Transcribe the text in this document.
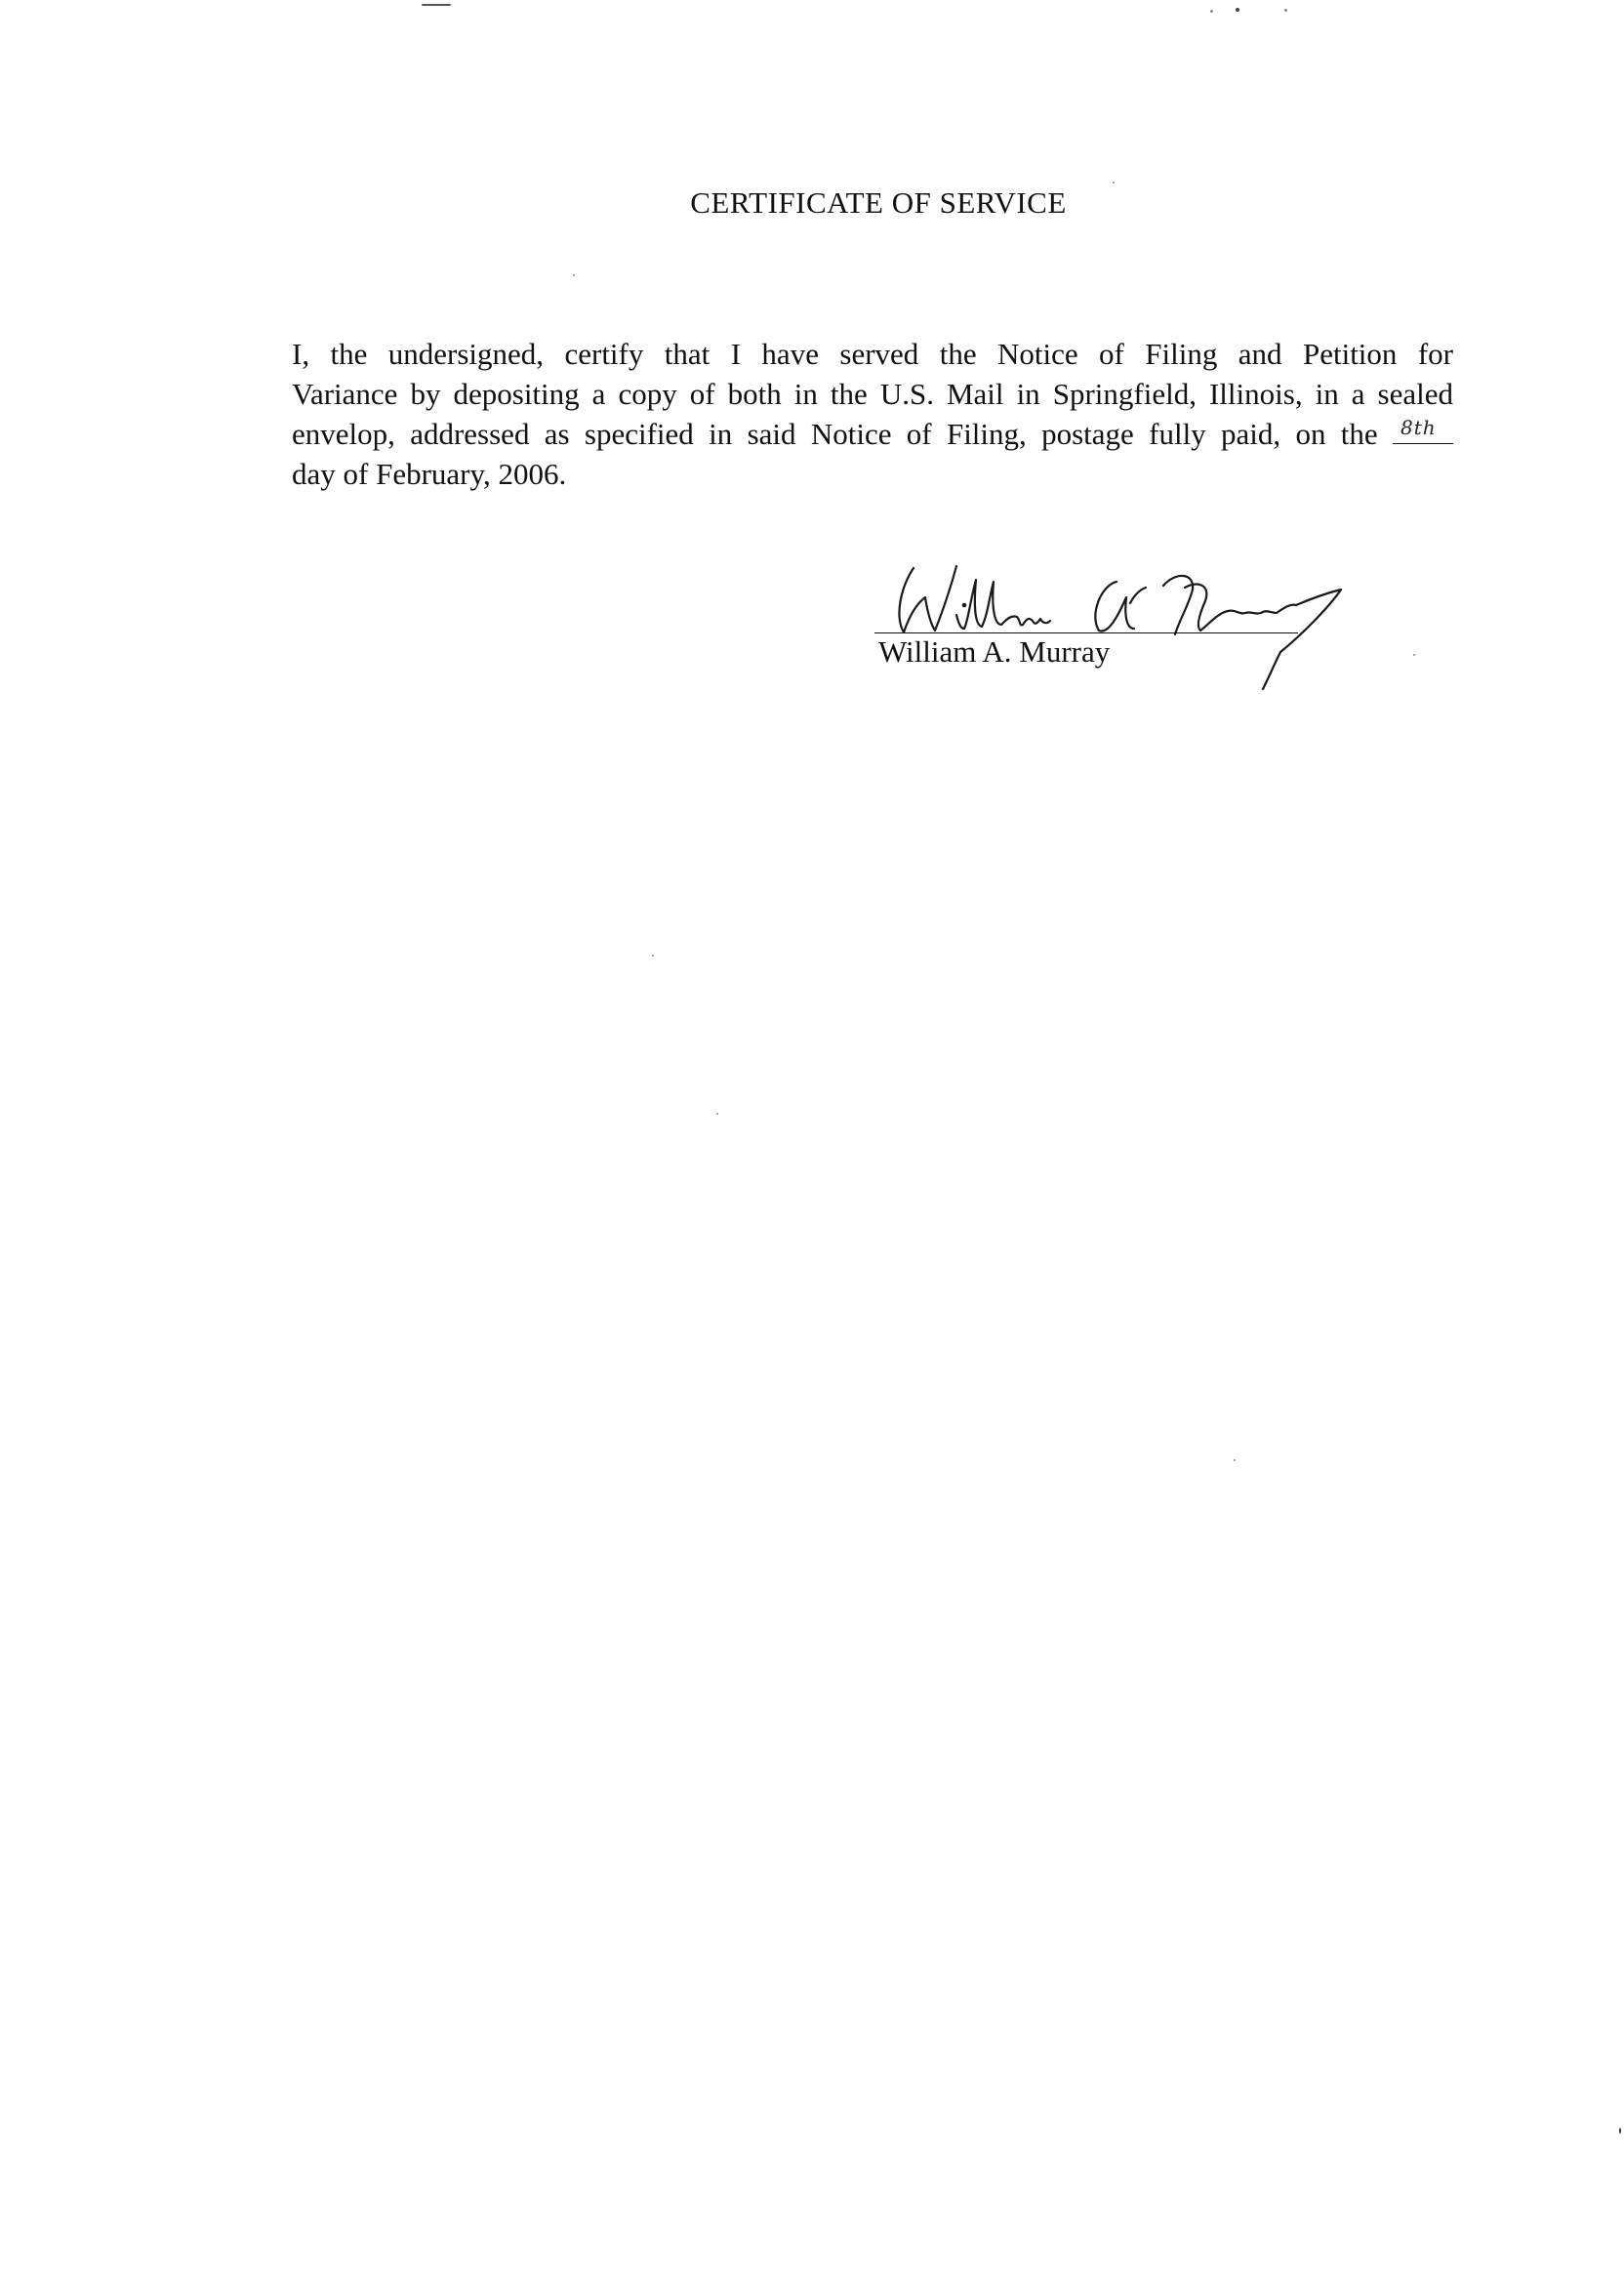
CERTIFICATE OF SERVICE
I, the undersigned, certify that I have served the Notice of Filing and Petition for
Variance by depositing a copy of both in the U.S. Mail in Springfield, Illinois, in a sealed
envelop, addressed as specified in said Notice of Filing, postage fully paid, on the 8th
day of February, 2006.
William A. Murray
